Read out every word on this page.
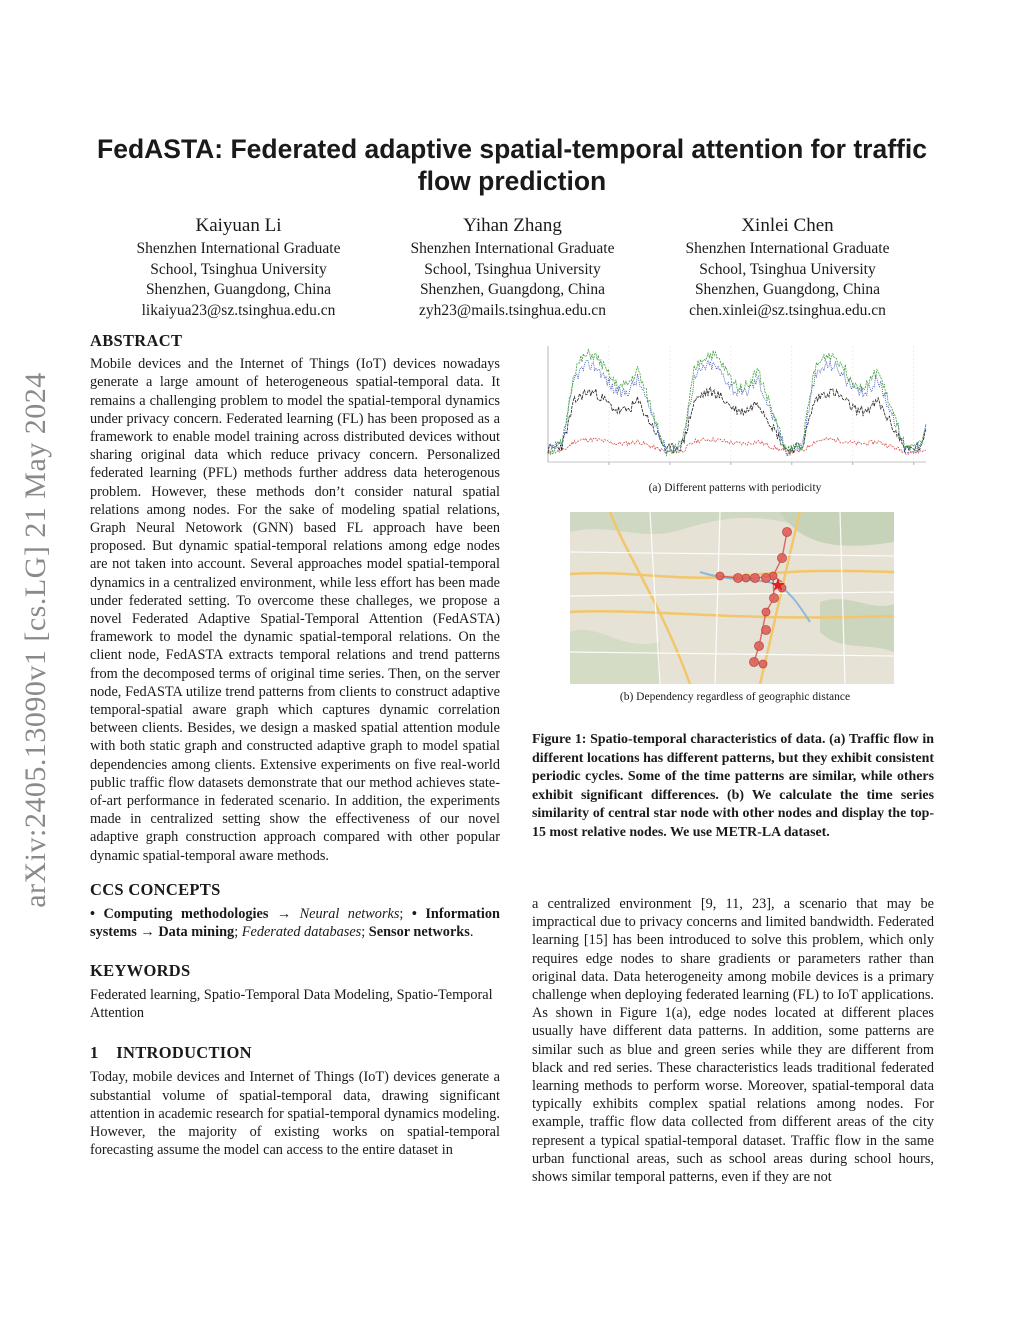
arXiv:2405.13090v1 [cs.LG] 21 May 2024
FedASTA: Federated adaptive spatial-temporal attention for traffic flow prediction
Kaiyuan Li
Shenzhen International Graduate
School, Tsinghua University
Shenzhen, Guangdong, China
likaiyua23@sz.tsinghua.edu.cn
Yihan Zhang
Shenzhen International Graduate
School, Tsinghua University
Shenzhen, Guangdong, China
zyh23@mails.tsinghua.edu.cn
Xinlei Chen
Shenzhen International Graduate
School, Tsinghua University
Shenzhen, Guangdong, China
chen.xinlei@sz.tsinghua.edu.cn
ABSTRACT

Mobile devices and the Internet of Things (IoT) devices nowadays generate a large amount of heterogeneous spatial-temporal data. It remains a challenging problem to model the spatial-temporal dynamics under privacy concern. Federated learning (FL) has been proposed as a framework to enable model training across distributed devices without sharing original data which reduce privacy concern. Personalized federated learning (PFL) methods further address data heterogenous problem. However, these methods don’t consider natural spatial relations among nodes. For the sake of modeling spatial relations, Graph Neural Netowork (GNN) based FL approach have been proposed. But dynamic spatial-temporal relations among edge nodes are not taken into account. Several approaches model spatial-temporal dynamics in a centralized environment, while less effort has been made under federated setting. To overcome these challeges, we propose a novel Federated Adaptive Spatial-Temporal Attention (FedASTA) framework to model the dynamic spatial-temporal relations. On the client node, FedASTA extracts temporal relations and trend patterns from the decomposed terms of original time series. Then, on the server node, FedASTA utilize trend patterns from clients to construct adaptive temporal-spatial aware graph which captures dynamic correlation between clients. Besides, we design a masked spatial attention module with both static graph and constructed adaptive graph to model spatial dependencies among clients. Extensive experiments on five real-world public traffic flow datasets demonstrate that our method achieves state-of-art performance in federated scenario. In addition, the experiments made in centralized setting show the effectiveness of our novel adaptive graph construction approach compared with other popular dynamic spatial-temporal aware methods.

CCS CONCEPTS

• Computing methodologies → Neural networks; • Information systems → Data mining; Federated databases; Sensor networks.

KEYWORDS

Federated learning, Spatio-Temporal Data Modeling, Spatio-Temporal Attention

1 INTRODUCTION

Today, mobile devices and Internet of Things (IoT) devices generate a substantial volume of spatial-temporal data, drawing significant attention in academic research for spatial-temporal dynamics modeling. However, the majority of existing works on spatial-temporal forecasting assume the model can access to the entire dataset in

(a) Different patterns with periodicity
(b) Dependency regardless of geographic distance
Figure 1: Spatio-temporal characteristics of data. (a) Traffic flow in different locations has different patterns, but they exhibit consistent periodic cycles. Some of the time patterns are similar, while others exhibit significant differences. (b) We calculate the time series similarity of central star node with other nodes and display the top-15 most relative nodes. We use METR-LA dataset.

a centralized environment [9, 11, 23], a scenario that may be impractical due to privacy concerns and limited bandwidth. Federated learning [15] has been introduced to solve this problem, which only requires edge nodes to share gradients or parameters rather than original data. Data heterogeneity among mobile devices is a primary challenge when deploying federated learning (FL) to IoT applications. As shown in Figure 1(a), edge nodes located at different places usually have different data patterns. In addition, some patterns are similar such as blue and green series while they are different from black and red series. These characteristics leads traditional federated learning methods to perform worse. Moreover, spatial-temporal data typically exhibits complex spatial relations among nodes. For example, traffic flow data collected from different areas of the city represent a typical spatial-temporal dataset. Traffic flow in the same urban functional areas, such as school areas during school hours, shows similar temporal patterns, even if they are not
